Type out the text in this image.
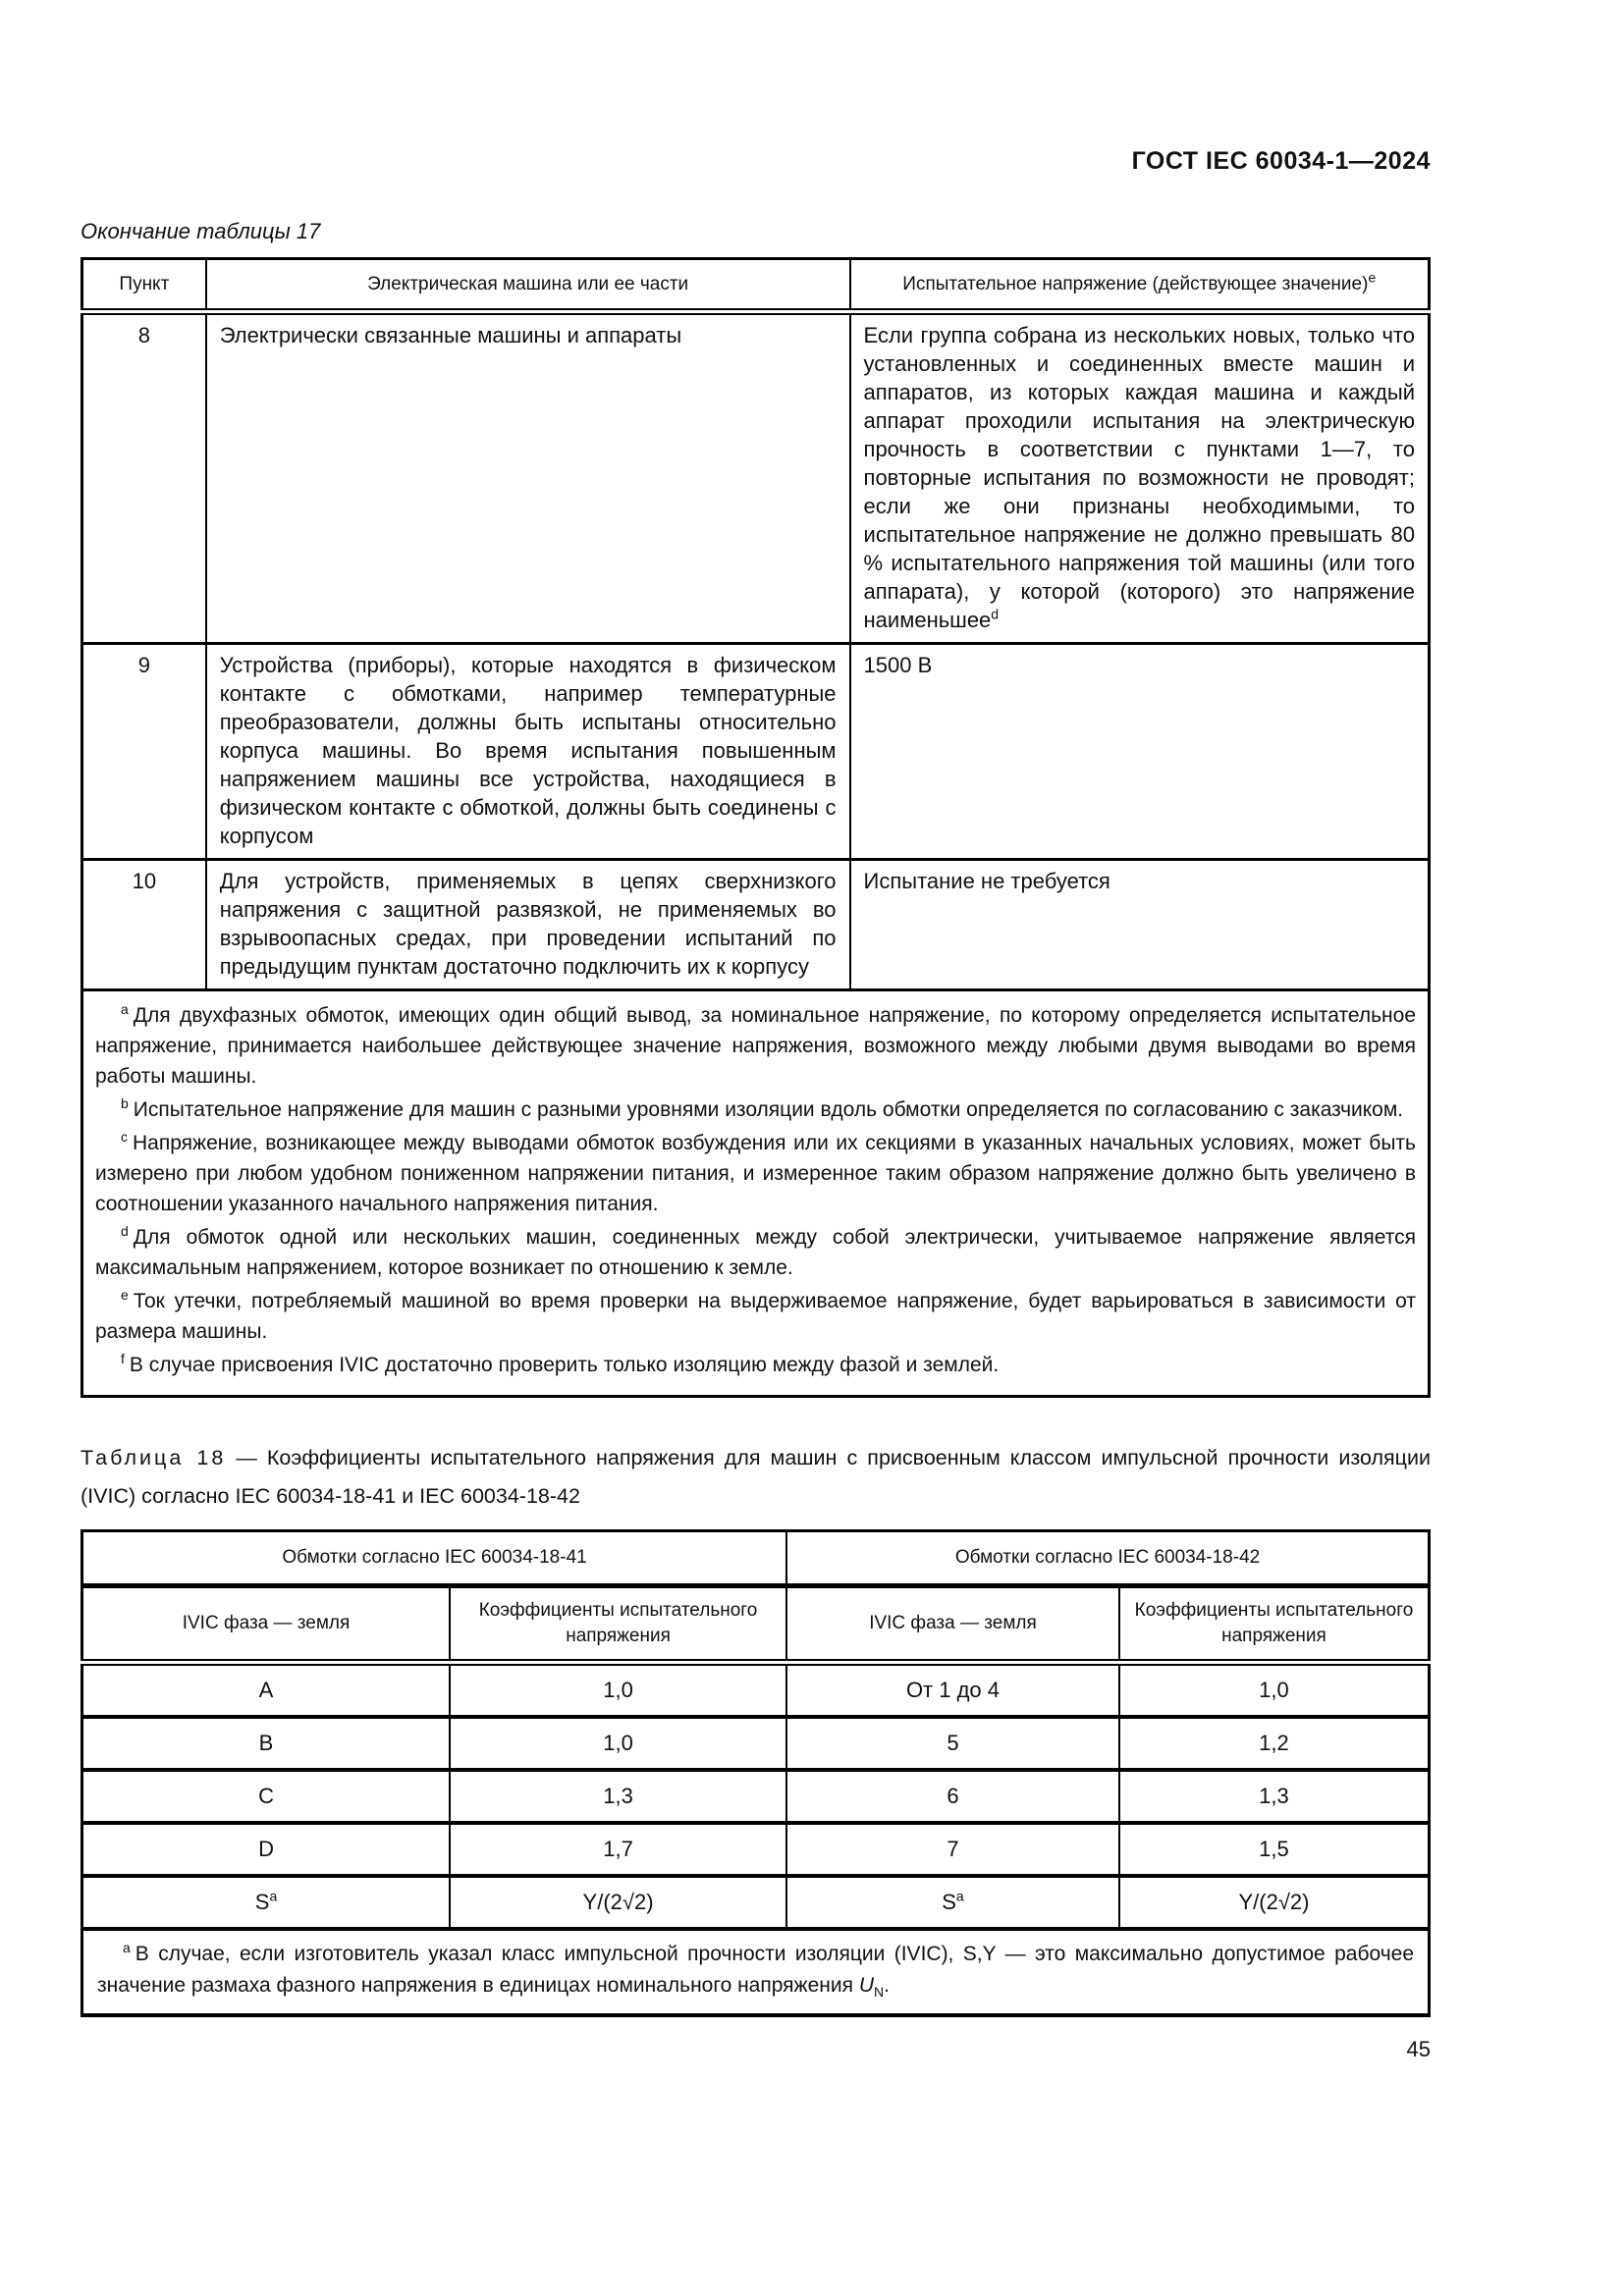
ГОСТ IEC 60034-1—2024
Окончание таблицы 17
Пункт	Электрическая машина или ее части	Испытательное напряжение (действующее значение)$^e$
8	Электрически связанные машины и аппараты	Если группа собрана из нескольких новых, только что установленных и соединенных вместе машин и аппаратов, из которых каждая машина и каждый аппарат проходили испытания на электрическую прочность в соответствии с пунктами 1—7, то повторные испытания по возможности не проводят; если же они признаны необходимыми, то испытательное напряжение не должно превышать 80 % испытательного напряжения той машины (или того аппарата), у которой (которого) это напряжение наименьшее$^d$
9	Устройства (приборы), которые находятся в физическом контакте с обмотками, например температурные преобразователи, должны быть испытаны относительно корпуса машины. Во время испытания повышенным напряжением машины все устройства, находящиеся в физическом контакте с обмоткой, должны быть соединены с корпусом	1500 В
10	Для устройств, применяемых в цепях сверхнизкого напряжения с защитной развязкой, не применяемых во взрывоопасных средах, при проведении испытаний по предыдущим пунктам достаточно подключить их к корпусу	Испытание не требуется

$^a$ Для двухфазных обмоток, имеющих один общий вывод, за номинальное напряжение, по которому определяется испытательное напряжение, принимается наибольшее действующее значение напряжения, возможного между любыми двумя выводами во время работы машины.

$^b$ Испытательное напряжение для машин с разными уровнями изоляции вдоль обмотки определяется по согласованию с заказчиком.

$^c$ Напряжение, возникающее между выводами обмоток возбуждения или их секциями в указанных начальных условиях, может быть измерено при любом удобном пониженном напряжении питания, и измеренное таким образом напряжение должно быть увеличено в соотношении указанного начального напряжения питания.

$^d$ Для обмоток одной или нескольких машин, соединенных между собой электрически, учитываемое напряжение является максимальным напряжением, которое возникает по отношению к земле.

$^e$ Ток утечки, потребляемый машиной во время проверки на выдерживаемое напряжение, будет варьироваться в зависимости от размера машины.

$^f$ В случае присвоения IVIC достаточно проверить только изоляцию между фазой и землей.

Таблица 18 — Коэффициенты испытательного напряжения для машин с присвоенным классом импульсной прочности изоляции (IVIC) согласно IEC 60034-18-41 и IEC 60034-18-42

Обмотки согласно IEC 60034-18-41		Обмотки согласно IEC 60034-18-42	
IVIC фаза — земля	Коэффициенты испытательного напряжения	IVIC фаза — земля	Коэффициенты испытательного напряжения
A	1,0	От 1 до 4	1,0
B	1,0	5	1,2
C	1,3	6	1,3
D	1,7	7	1,5
$S^a$	Y/(2√2)	$S^a$	Y/(2√2)

$^a$ В случае, если изготовитель указал класс импульсной прочности изоляции (IVIC), S,Y — это максимально допустимое рабочее значение размаха фазного напряжения в единицах номинального напряжения $U_N$.			

45
